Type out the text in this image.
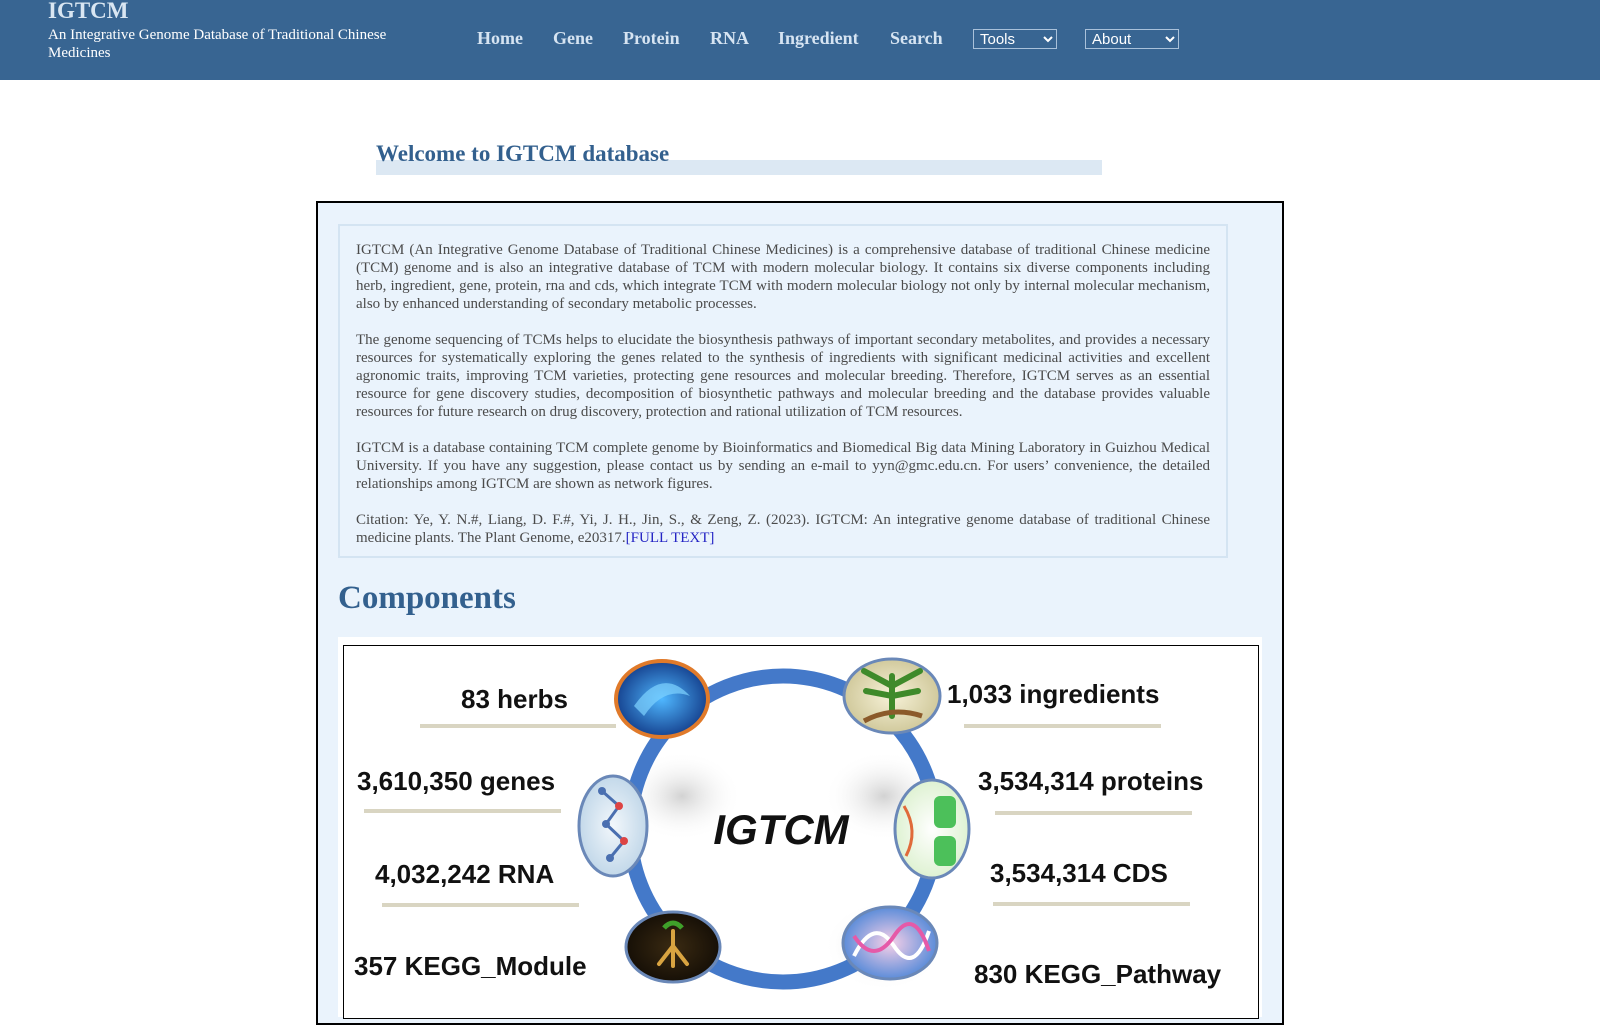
IGTCM
An Integrative Genome Database of Traditional Chinese Medicines
Home Gene Protein RNA Ingredient Search
Tools
About
Welcome to IGTCM database

IGTCM (An Integrative Genome Database of Traditional Chinese Medicines) is a comprehensive database of traditional Chinese medicine (TCM) genome and is also an integrative database of TCM with modern molecular biology. It contains six diverse components including herb, ingredient, gene, protein, rna and cds, which integrate TCM with modern molecular biology not only by internal molecular mechanism, also by enhanced understanding of secondary metabolic processes.

The genome sequencing of TCMs helps to elucidate the biosynthesis pathways of important secondary metabolites, and provides a necessary resources for systematically exploring the genes related to the synthesis of ingredients with significant medicinal activities and excellent agronomic traits, improving TCM varieties, protecting gene resources and molecular breeding. Therefore, IGTCM serves as an essential resource for gene discovery studies, decomposition of biosynthetic pathways and molecular breeding and the database provides valuable resources for future research on drug discovery, protection and rational utilization of TCM resources.

IGTCM is a database containing TCM complete genome by Bioinformatics and Biomedical Big data Mining Laboratory in Guizhou Medical University. If you have any suggestion, please contact us by sending an e-mail to yyn@gmc.edu.cn. For users’ convenience, the detailed relationships among IGTCM are shown as network figures.

Citation: Ye, Y. N.#, Liang, D. F.#, Yi, J. H., Jin, S., & Zeng, Z. (2023). IGTCM: An integrative genome database of traditional Chinese medicine plants. The Plant Genome, e20317.[FULL TEXT]

Components
IGTCM
83 herbs	1,033 ingredients
3,610,350 genes	3,534,314 proteins
4,032,242 RNA	3,534,314 CDS
357 KEGG_Module	830 KEGG_Pathway
